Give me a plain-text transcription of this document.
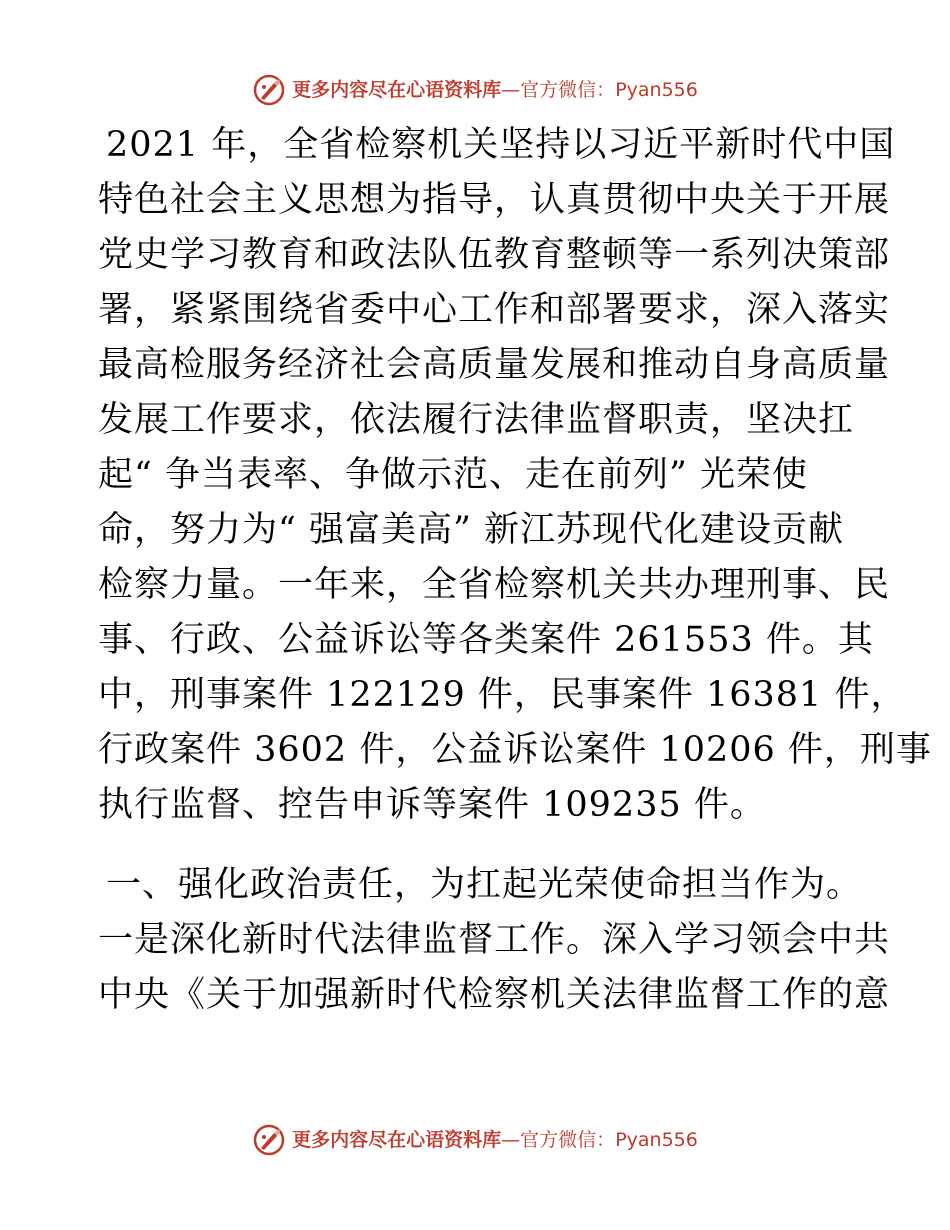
更多内容尽在心语资料库 — 官方微信： Pyan556
2021 年，全省检察机关坚持以习近平新时代中国
特色社会主义思想为指导，认真贯彻中央关于开展
党史学习教育和政法队伍教育整顿等一系列决策部
署，紧紧围绕省委中心工作和部署要求，深入落实
最高检服务经济社会高质量发展和推动自身高质量
发展工作要求，依法履行法律监督职责，坚决扛
起“ 争当表率、争做示范、走在前列” 光荣使
命，努力为“ 强富美高” 新江苏现代化建设贡献
检察力量。一年来，全省检察机关共办理刑事、民
事、行政、公益诉讼等各类案件 261553 件。其
中，刑事案件 122129 件，民事案件 16381 件，
行政案件 3602 件，公益诉讼案件 10206 件，刑事
执行监督、控告申诉等案件 109235 件。
一、强化政治责任，为扛起光荣使命担当作为。
一是深化新时代法律监督工作。深入学习领会中共
中央《关于加强新时代检察机关法律监督工作的意
更多内容尽在心语资料库 — 官方微信： Pyan556
